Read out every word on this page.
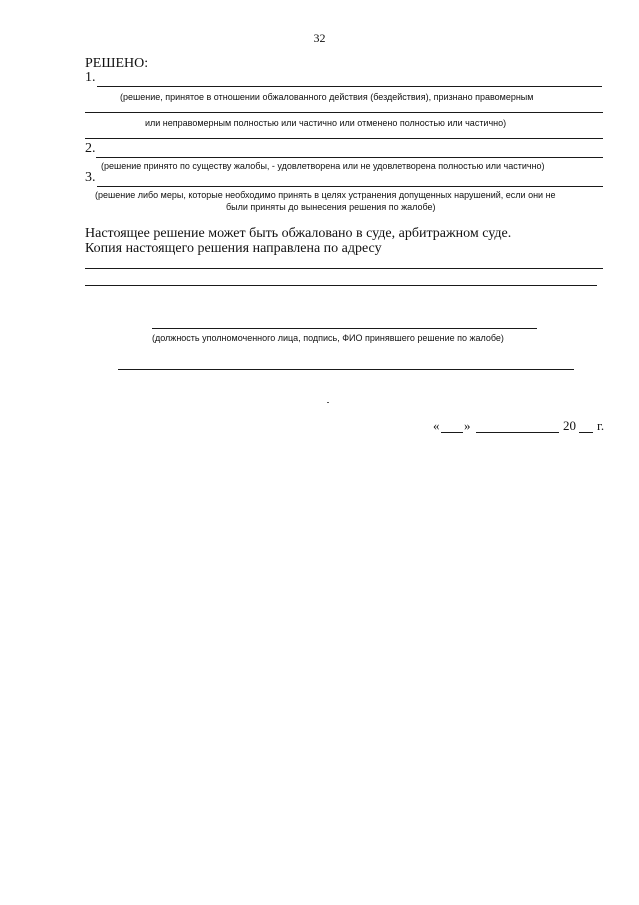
32
РЕШЕНО:
1.
(решение, принятое в отношении обжалованного действия (бездействия), признано правомерным
или неправомерным полностью или частично или отменено полностью или частично)
2.
(решение принято по существу жалобы, - удовлетворена или не удовлетворена полностью или частично)
3.
(решение либо меры, которые необходимо принять в целях устранения допущенных нарушений, если они не
были приняты до вынесения решения по жалобе)
Настоящее решение может быть обжаловано в суде, арбитражном суде.
Копия настоящего решения направлена по адресу
(должность уполномоченного лица, подпись, ФИО принявшего решение по жалобе)
« »	20 г.
